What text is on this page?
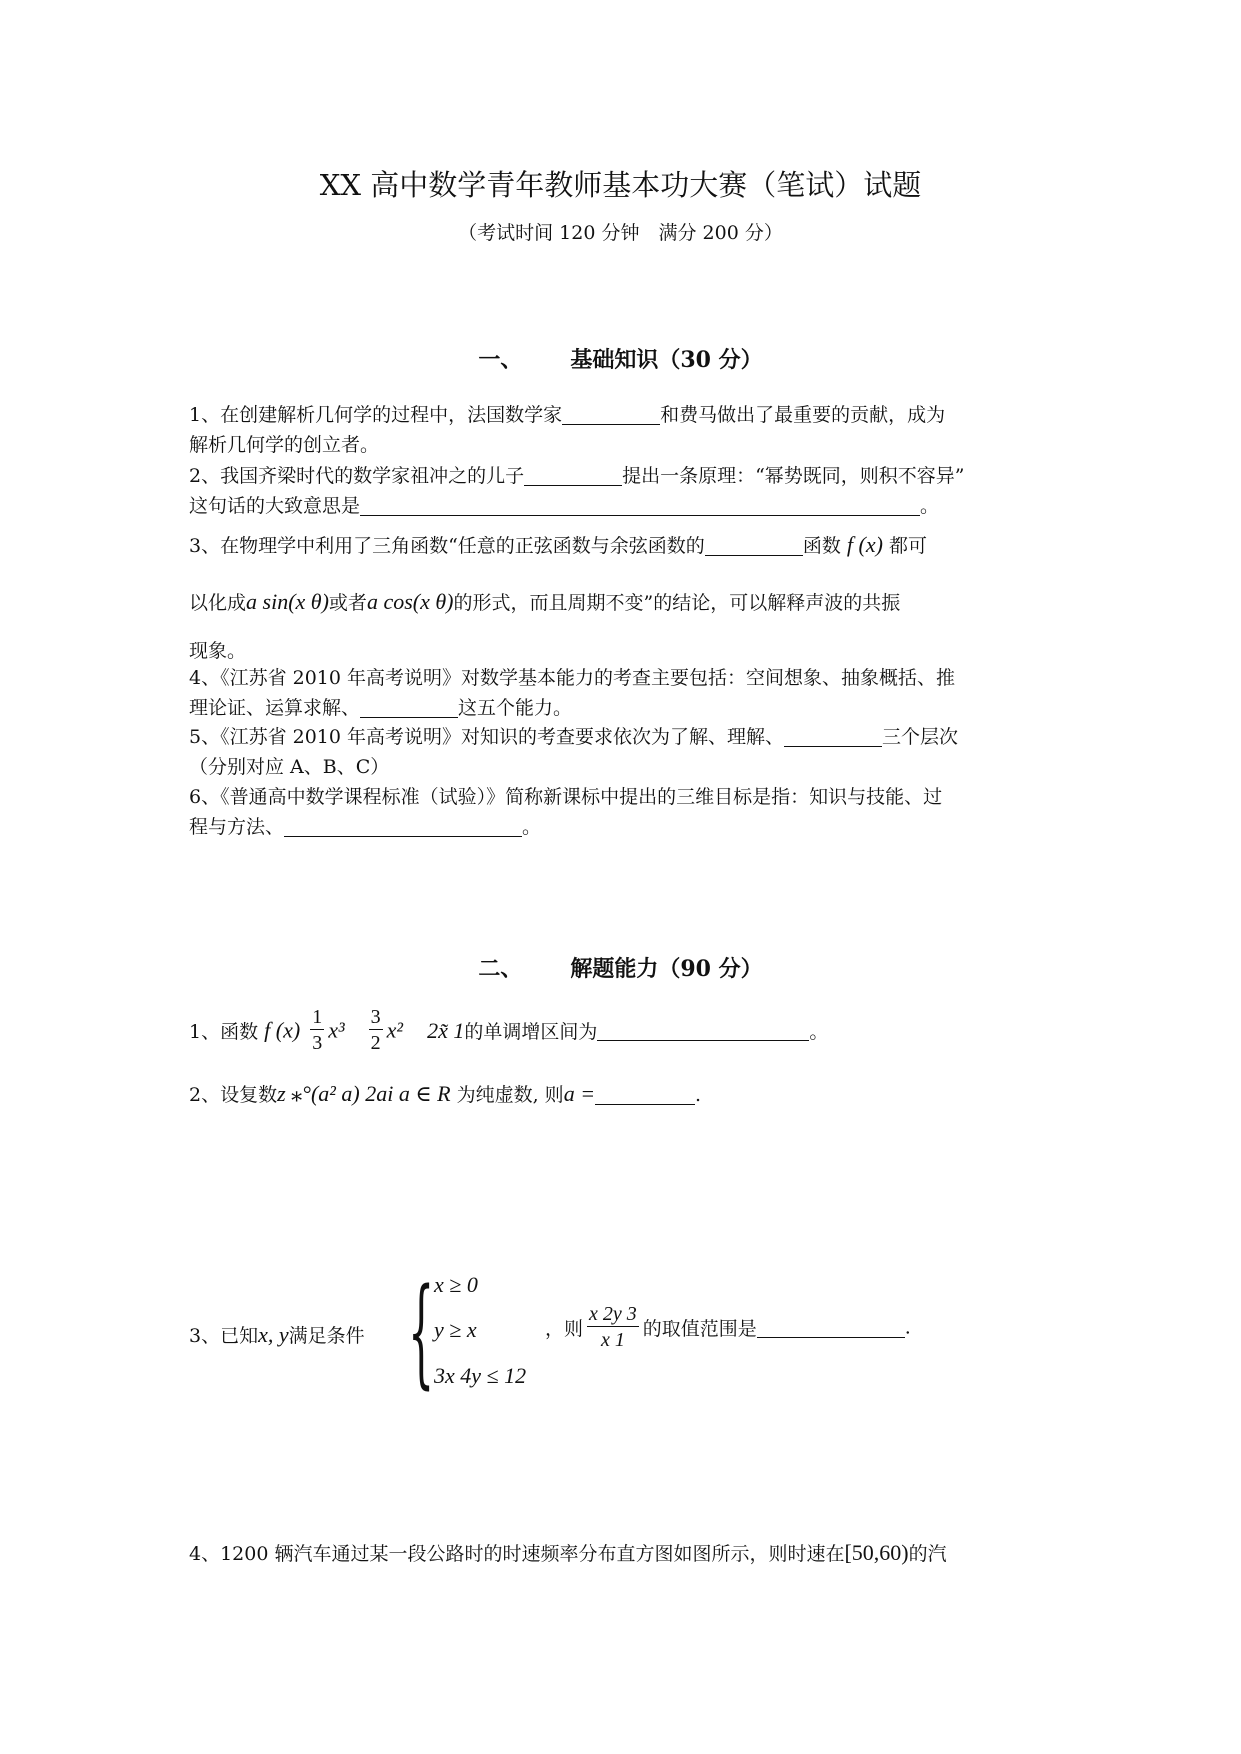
XX 高中数学青年教师基本功大赛（笔试）试题
（考试时间 120 分钟　满分 200 分）
一、 基础知识（30 分）
1、在创建解析几何学的过程中，法国数学家	和费马做出了最重要的贡献，成为
解析几何学的创立者。
2、我国齐梁时代的数学家祖冲之的儿子	提出一条原理：“幂势既同，则积不容异”
这句话的大致意思是	。
3、在物理学中利用了三角函数“任意的正弦函数与余弦函数的	函数 f (x) 都可
以化成a sin(x θ)或者a cos(x θ)的形式，而且周期不变”的结论，可以解释声波的共振
现象。
4、《江苏省 2010 年高考说明》对数学基本能力的考查主要包括：空间想象、抽象概括、推
理论证、运算求解、	这五个能力。
5、《江苏省 2010 年高考说明》对知识的考查要求依次为了解、理解、	三个层次
（分别对应 A、B、C）
6、《普通高中数学课程标准（试验）》简称新课标中提出的三维目标是指：知识与技能、过
程与方法、	。
二、 解题能力（90 分）
1、函数 f $(x) \frac{1}{3} x^3 \frac{3}{2} x^2$ 2x̃ 1的单调增区间为	。
2、设复数z ⁎°(a² a) 2ai a ∈ R 为纯虚数, 则a =	.
{ x ≥ 0
y ≥ x
3x 4y ≤ 12
3、已知x, y满足条件	，则 $\frac{x 2y 3}{x 1}$ 的取值范围是	.
4、1200 辆汽车通过某一段公路时的时速频率分布直方图如图所示，则时速在[50,60)的汽
